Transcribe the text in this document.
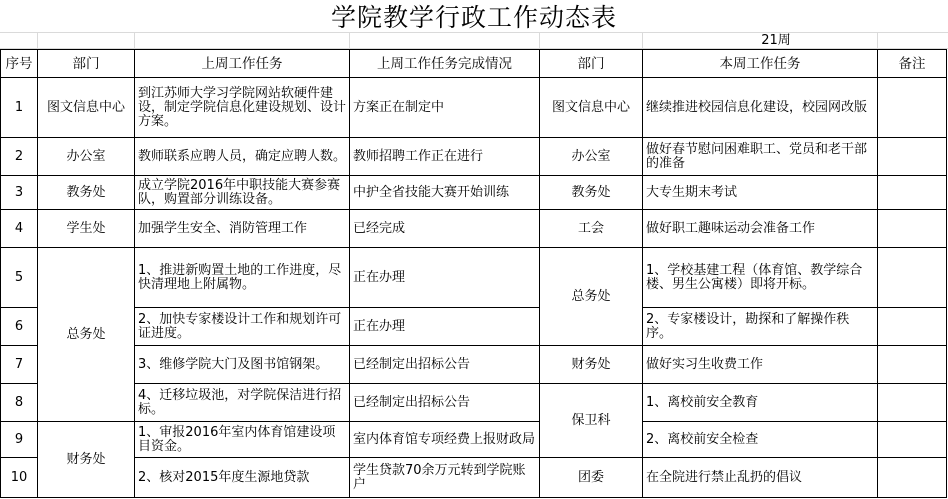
学院教学行政工作动态表
21周
序号	部门	上周工作任务	上周工作任务完成情况	部门	本周工作任务	备注
1	图文信息中心	到江苏师大学习学院网站软硬件建设，制定学院信息化建设规划、设计方案。	方案正在制定中	图文信息中心	继续推进校园信息化建设，校园网改版	
2	办公室	教师联系应聘人员，确定应聘人数。	教师招聘工作正在进行	办公室	做好春节慰问困难职工、党员和老干部的准备	
3	教务处	成立学院2016年中职技能大赛参赛队，购置部分训练设备。	中护全省技能大赛开始训练	教务处	大专生期末考试	
4	学生处	加强学生安全、消防管理工作	已经完成	工会	做好职工趣味运动会准备工作	
5	总务处	1、推进新购置土地的工作进度，尽快清理地上附属物。	正在办理	总务处	1、学校基建工程（体育馆、教学综合楼、男生公寓楼）即将开标。	
6		2、加快专家楼设计工作和规划许可证进度。	正在办理		2、专家楼设计，勘探和了解操作秩序。	
7		3、维修学院大门及图书馆钢架。	已经制定出招标公告	财务处	做好实习生收费工作	
8		4、迁移垃圾池，对学院保洁进行招标。	已经制定出招标公告	保卫科	1、离校前安全教育	
9	财务处	1、审报2016年室内体育馆建设项目资金。	室内体育馆专项经费上报财政局		2、离校前安全检查	
10		2、核对2015年度生源地贷款	学生贷款70余万元转到学院账户	团委	在全院进行禁止乱扔的倡议	
